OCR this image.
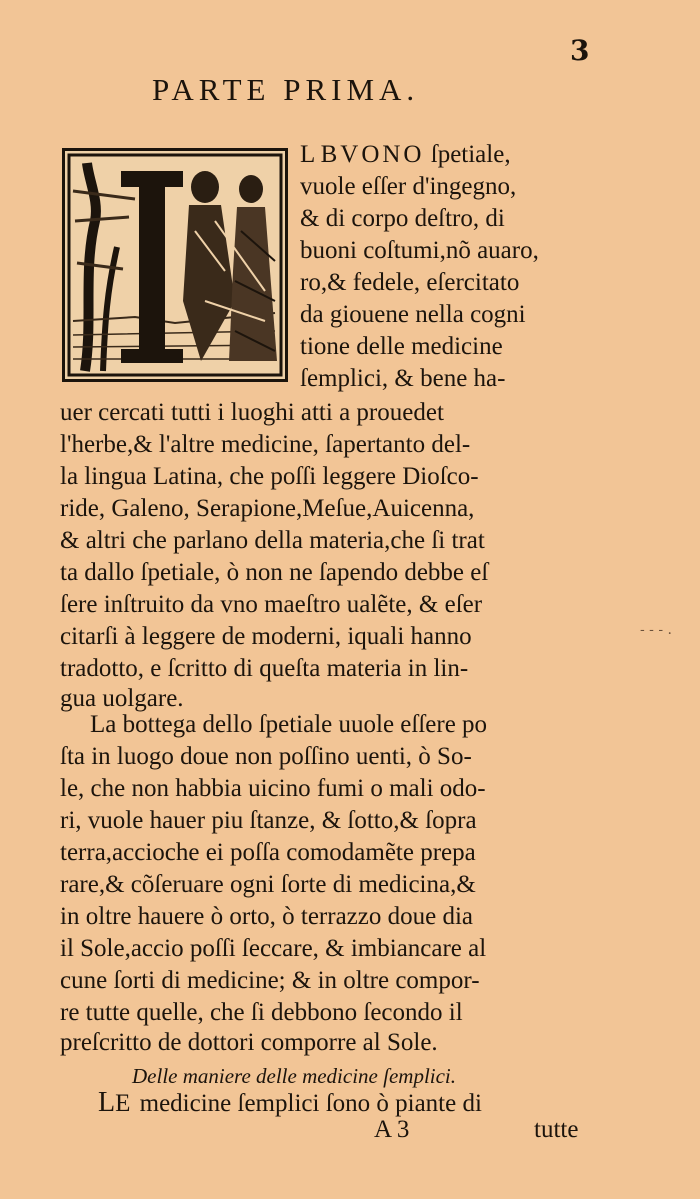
3
PARTE PRIMA.
L BVONO ſpetiale,
vuole eſſer d'ingegno,
& di corpo deſtro, di
buoni coſtumi,nõ auaro,
ro,& fedele, eſercitato
da giouene nella cogni
tione delle medicine
ſemplici, & bene ha-
uer cercati tutti i luoghi atti a prouedet
l'herbe,& l'altre medicine, ſapertanto del-
la lingua Latina, che poſſi leggere Dioſco-
ride, Galeno, Serapione,Meſue,Auicenna,
& altri che parlano della materia,che ſi trat
ta dallo ſpetiale, ò non ne ſapendo debbe eſ
ſere inſtruito da vno maeſtro ualẽte, & eſer
citarſi à leggere de moderni, iquali hanno
tradotto, e ſcritto di queſta materia in lin-
gua uolgare.
La bottega dello ſpetiale uuole eſſere po
ſta in luogo doue non poſſino uenti, ò So-
le, che non habbia uicino fumi o mali odo-
ri, vuole hauer piu ſtanze, & ſotto,& ſopra
terra,accioche ei poſſa comodamẽte prepa
rare,& cõſeruare ogni ſorte di medicina,&
in oltre hauere ò orto, ò terrazzo doue dia
il Sole,accio poſſi ſeccare, & imbiancare al
cune ſorti di medicine; & in oltre compor-
re tutte quelle, che ſi debbono ſecondo il
preſcritto de dottori comporre al Sole.
Delle maniere delle medicine ſemplici.
LE medicine ſemplici ſono ò piante di
A 3	tutte
- - - .
